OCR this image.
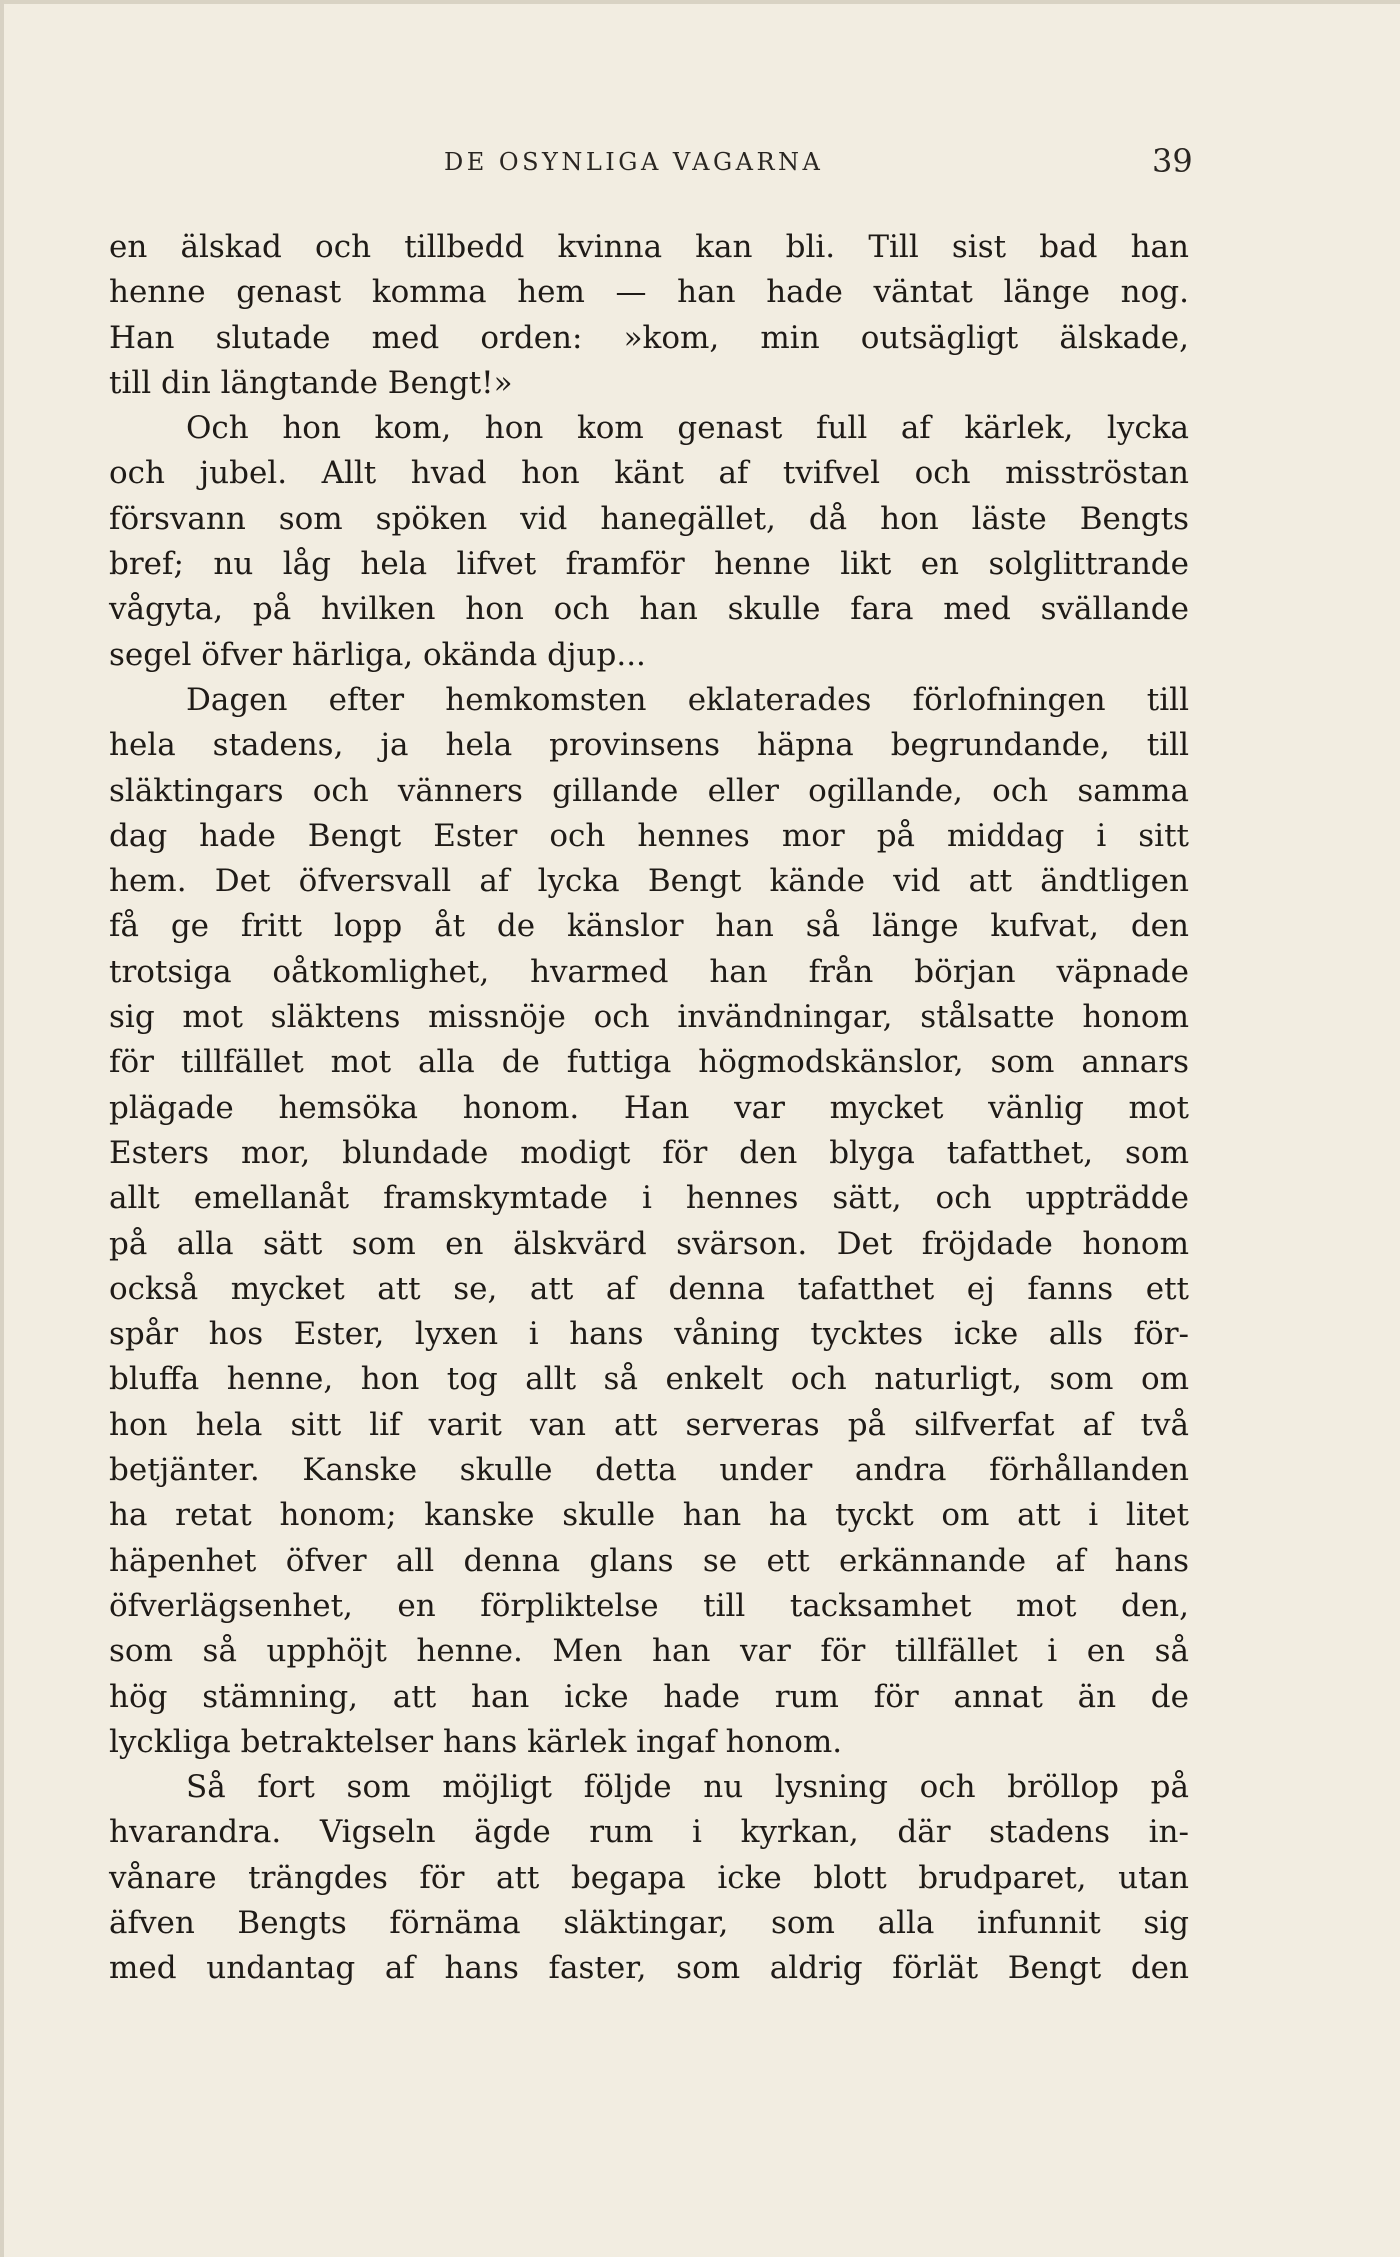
DE OSYNLIGA VAGARNA	39
en älskad och tillbedd kvinna kan bli. Till sist bad han
henne genast komma hem — han hade väntat länge nog.
Han slutade med orden: »kom, min outsägligt älskade,
till din längtande Bengt!»
Och hon kom, hon kom genast full af kärlek, lycka
och jubel. Allt hvad hon känt af tvifvel och misströstan
försvann som spöken vid hanegället, då hon läste Bengts
bref; nu låg hela lifvet framför henne likt en solglittrande
vågyta, på hvilken hon och han skulle fara med svällande
segel öfver härliga, okända djup...
Dagen efter hemkomsten eklaterades förlofningen till
hela stadens, ja hela provinsens häpna begrundande, till
släktingars och vänners gillande eller ogillande, och samma
dag hade Bengt Ester och hennes mor på middag i sitt
hem. Det öfversvall af lycka Bengt kände vid att ändtligen
få ge fritt lopp åt de känslor han så länge kufvat, den
trotsiga oåtkomlighet, hvarmed han från början väpnade
sig mot släktens missnöje och invändningar, stålsatte honom
för tillfället mot alla de futtiga högmodskänslor, som annars
plägade hemsöka honom. Han var mycket vänlig mot
Esters mor, blundade modigt för den blyga tafatthet, som
allt emellanåt framskymtade i hennes sätt, och uppträdde
på alla sätt som en älskvärd svärson. Det fröjdade honom
också mycket att se, att af denna tafatthet ej fanns ett
spår hos Ester, lyxen i hans våning tycktes icke alls för-
bluffa henne, hon tog allt så enkelt och naturligt, som om
hon hela sitt lif varit van att serveras på silfverfat af två
betjänter. Kanske skulle detta under andra förhållanden
ha retat honom; kanske skulle han ha tyckt om att i litet
häpenhet öfver all denna glans se ett erkännande af hans
öfverlägsenhet, en förpliktelse till tacksamhet mot den,
som så upphöjt henne. Men han var för tillfället i en så
hög stämning, att han icke hade rum för annat än de
lyckliga betraktelser hans kärlek ingaf honom.
Så fort som möjligt följde nu lysning och bröllop på
hvarandra. Vigseln ägde rum i kyrkan, där stadens in-
vånare trängdes för att begapa icke blott brudparet, utan
äfven Bengts förnäma släktingar, som alla infunnit sig
med undantag af hans faster, som aldrig förlät Bengt den
